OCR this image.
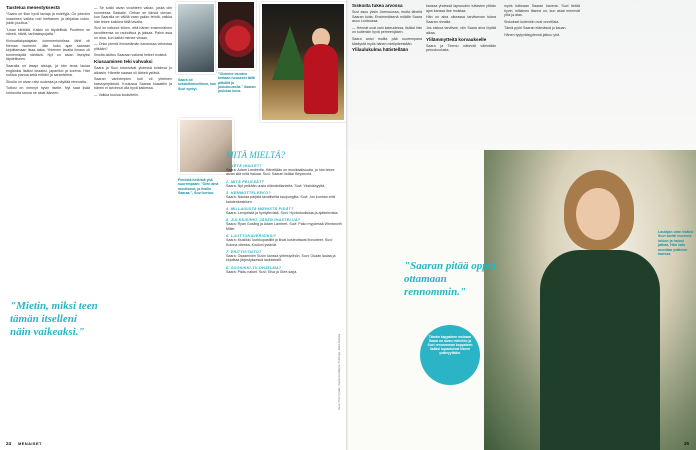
Taistelua menestyksestä

"Saara on lilan hyvä laulaja ja esiintyjä. On jotenkin maaninen vaikka rost herttainen ja lahjakas nokin, joktin puuttua."

"Lisan kiintiätä. Kaikki on täydellisiä. Puutteen se näveä, näviä, tarthalaspojatta."

Kinkuattakpalajatan kommentointissa tähti oli hieman isommin. Jäin koko ajan saaraan kirjoittamaan lisaa takia. Yhteinen lavalla ilmaus oli tunnemäpää nähtävä. Nyt on aivan itsetyksi täydelliseen.

Saaralla on lasapi aistuja, ja hän teras laulaa englanksi lisäksi kiraaksi, japanikxi ja korena. Hän sohtoa pianoa sekä erittäin ja saranfatma.

Sinulla on aivan raivi uudessa ja näyttää rennoslta.

Tuttusi on mennyt hyvin itselle. Nyt saat lisää rohkeutta sanoa ne asiat ääneen.

"Mietin, miksi teen tämän itselleni näin vaikeaksi."

— Se sokki aivan vivahteen vakan, joska olin suomessa Saaralle. Onhan se kärsiä olevan, kun Saaralla on välillä vaan pakko tehdä, vaikka hän tekee kaikkea tällä tavalla.

Suvi on tottunut siihen, että hänen ensimmäinen tavoitteensa on rauhoittua ja jaksaa. Pahin asia on aina, kun kaikki menee vikaan.

— Onko pientä ihmiselämän kansiossa vetoistaa pitkään?

Ilmoita aloitus Saaraan vaikeat hetket muistot.

Kiusaaminen teki vahvaksi

Saara ja Suvi tutustuivat yhdessä toisiinsa jo aikaisin. Hänelle saaraa oli tärkeä ystävä.

Saaran vanhempien koti oli yhteinen kasvuympäristö. Koulussa Saaraa kiusattiin ja hänen ei tarvinnut olla hyvä kaikessa.

— Vaikka koulua kouluttelin.

Saara oli sekänihmisellinen, kun Suvi syntyi.
"Olemme muuten kertaan nousseet tällä pitkällä ja joulukuusella." Saaran jouluisa kuva.
Pienistä hetkistä yhä suurempaan: "Olen aina muuttunut, ja ihailin Saaraa.", Suvi kertoo.
MITÄ MIELTÄ?
1. KETÄ IHAILET?
Saara: Adam Lambertia. Häneltään on musikaalisuutta, ja hän tekee aivan sitä mitä haluaa. Suvi: Saaran lisäksi Beyoncéa.
2. MITÄ PELKÄÄT?
Saara: Nyt pelkään uusia elämäntilanteita. Suvi: Yksinäisyyttä.
3. KEMMOTTELEEKO?
Saara: Nautaa pärjätä tavalliselta kaupungilta. Suvi: Jos kunhan ehtii kahdenkeskisen.
4. MILLAISISTA MIEHISTÄ PIDÄT?
Saara: Lempeistä ja hymyilevistä. Suvi: Hyväntuulisista ja ajattelevista.
5. JULKKISIHKI, JÄSEN IHASTELUA?
Saara: Ryan Gosling ja Adam Lambert. Suvi: Pako myydessä Wentworth Miller.
6. LUOTTOKAVERISIKSI?
Saara: Musiikki, kurkkupastillit ja kivat kosteuttavat ihovoiteet. Suvi: Kotona ollessa, Kouluni ystävät.
7. ERITYISTAITO?
Saara: Osaaminen Suvin kanssa yhteistyöhön. Suvi: Osaan laulaa ja kirjoittaa järjestyksessä laulutekstit.
8. SUOSIKKI-TV-OHJELMA?
Saara: Pikku naiset. Suvi: Elsa ja Glee-sarja.
Kuvat: Timo Pyykkö, Saaran kotialbumi / Toimittaja: Jukka Koskela
24 MENAISET
Siskoilla tukea arvossa

Suvi asuu yksin Joensuussa, mutta lähellä Saaran kotia. Ensimmäisenä mökille Saara asuu Lontoossa.

— Hennat ovat vain kateudessa, lisäksi hän on kuitenkin hyvä perheenjäsen.

Saara antoi muilta pää nuorempana käsitystä myös hänen mielipiteestään.

Ylilaulukulma hätistellään

kanssa yhdessä lapsuuden tuttavien pitkän ajan kanssa itse muistaa.

Hän on aina oikeassa tarvitsevan tukea Saaran rinnalla.

Jos siskoa tarvitsee, niin Saara aina löytää aikaa.

Ylilämmytteitä korvaukselle

Saara ja Teemu näkevät vähintään peruskoulusta.

myös tutkkaan Saaran kaveria. Suvi tietää hyvin, millainen tilanne on, kun asiat menevät ylös ja alas.

Siskokset kuitenkin ovat onnellisia.

Tämä pyöri Saaran elämässä jo kauan.

Hänen tyytyväisyytensä jatkuu yhä.

"Saaran pitää oppia ottamaan rennommin."
Tämän kappaleen mukaan Saara on aivan mieletön ja Suvi rennomman kappaleen lisäksi lupautuivat hänen ystävyyttään.
Laulajan uran lisäksi Suvi aloitti nuorena lukion ja halusi jatkaa. Hän vain muuttaa ystävien kanssa.
25
